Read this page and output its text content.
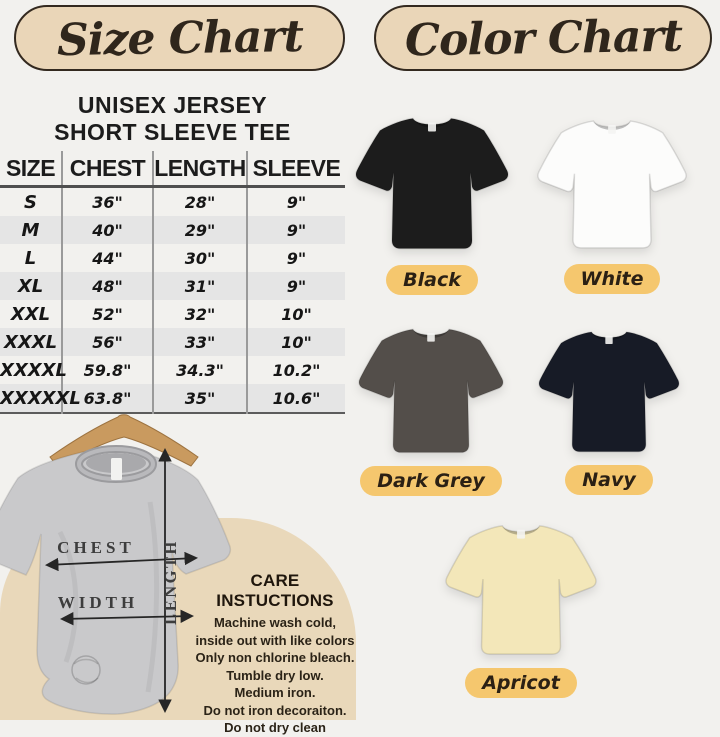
Size Chart
UNISEX JERSEY
SHORT SLEEVE TEE
SIZE	CHEST	LENGTH	SLEEVE
S	36"	28"	9"
M	40"	29"	9"
L	44"	30"	9"
XL	48"	31"	9"
XXL	52"	32"	10"
XXXL	56"	33"	10"
XXXXL	59.8"	34.3"	10.2"
XXXXXL	63.8"	35"	10.6"
CHEST
WIDTH LENGTH	CARE INSTUCTIONS
Machine wash cold,
inside out with like colors
Only non chlorine bleach.
Tumble dry low.
Medium iron.
Do not iron decoraiton.
Do not dry clean
Color Chart
Black	White
Dark Grey	Navy
Apricot
